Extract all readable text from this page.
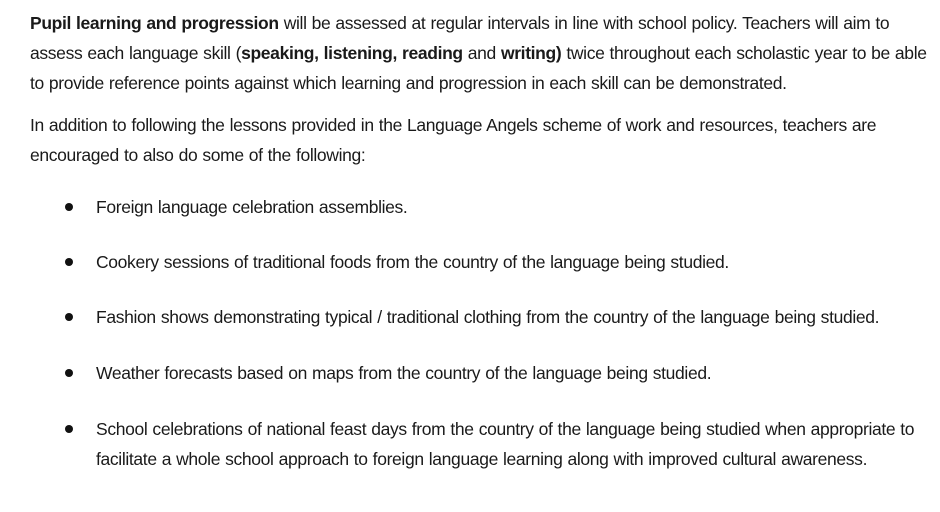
Pupil learning and progression will be assessed at regular intervals in line with school policy. Teachers will aim to assess each language skill (speaking, listening, reading and writing) twice throughout each scholastic year to be able to provide reference points against which learning and progression in each skill can be demonstrated.

In addition to following the lessons provided in the Language Angels scheme of work and resources, teachers are encouraged to also do some of the following:

Foreign language celebration assemblies.
Cookery sessions of traditional foods from the country of the language being studied.
Fashion shows demonstrating typical / traditional clothing from the country of the language being studied.
Weather forecasts based on maps from the country of the language being studied.
School celebrations of national feast days from the country of the language being studied when appropriate to facilitate a whole school approach to foreign language learning along with improved cultural awareness.
